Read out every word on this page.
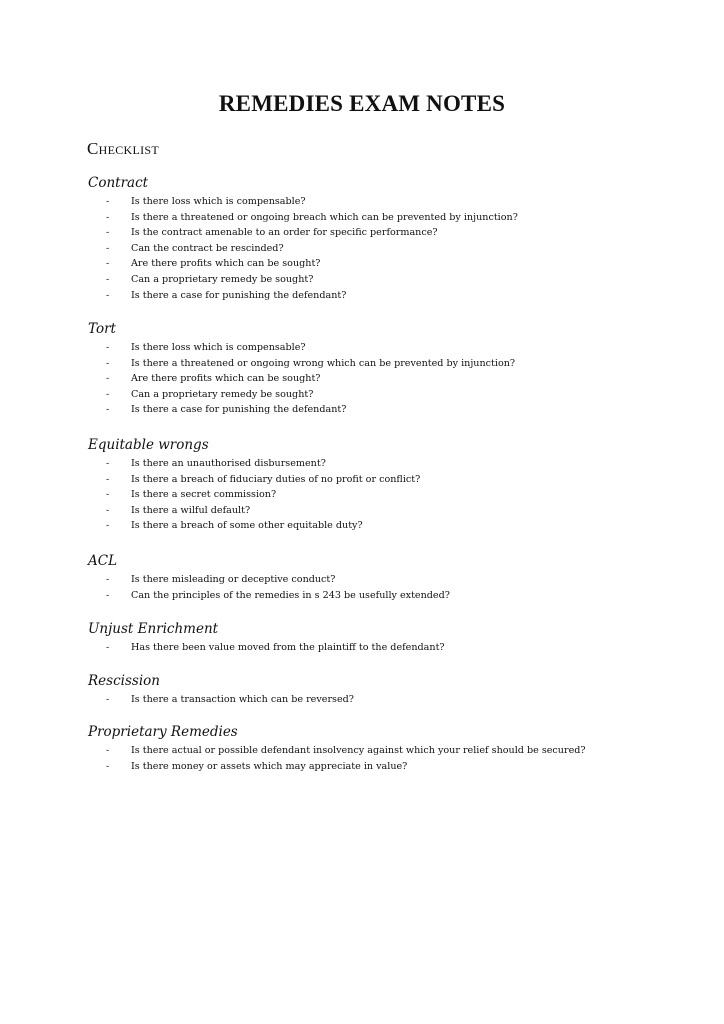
REMEDIES EXAM NOTES
Checklist
Contract
- Is there loss which is compensable?
- Is there a threatened or ongoing breach which can be prevented by injunction?
- Is the contract amenable to an order for specific performance?
- Can the contract be rescinded?
- Are there profits which can be sought?
- Can a proprietary remedy be sought?
- Is there a case for punishing the defendant?
Tort
- Is there loss which is compensable?
- Is there a threatened or ongoing wrong which can be prevented by injunction?
- Are there profits which can be sought?
- Can a proprietary remedy be sought?
- Is there a case for punishing the defendant?
Equitable wrongs
- Is there an unauthorised disbursement?
- Is there a breach of fiduciary duties of no profit or conflict?
- Is there a secret commission?
- Is there a wilful default?
- Is there a breach of some other equitable duty?
ACL
- Is there misleading or deceptive conduct?
- Can the principles of the remedies in s 243 be usefully extended?
Unjust Enrichment
- Has there been value moved from the plaintiff to the defendant?
Rescission
- Is there a transaction which can be reversed?
Proprietary Remedies
- Is there actual or possible defendant insolvency against which your relief should be secured?
- Is there money or assets which may appreciate in value?
